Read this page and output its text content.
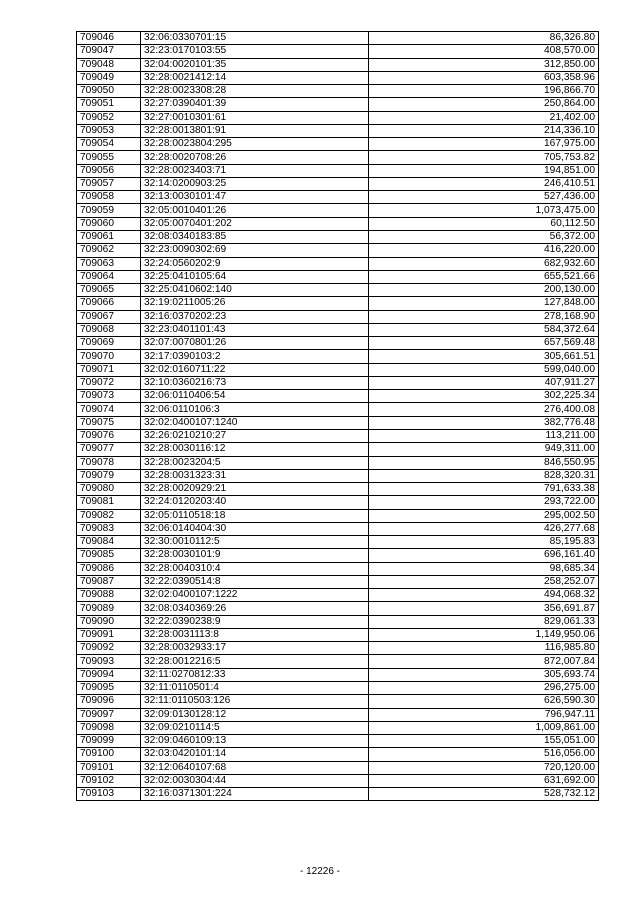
709046	32:06:0330701:15	86,326.80
709047	32:23:0170103:55	408,570.00
709048	32:04:0020101:35	312,850.00
709049	32:28:0021412:14	603,358.96
709050	32:28:0023308:28	196,866.70
709051	32:27:0390401:39	250,864.00
709052	32:27:0010301:61	21,402.00
709053	32:28:0013801:91	214,336.10
709054	32:28:0023804:295	167,975.00
709055	32:28:0020708:26	705,753.82
709056	32:28:0023403:71	194,851.00
709057	32:14:0200903:25	246,410.51
709058	32:13:0030101:47	527,436.00
709059	32:05:0010401:26	1,073,475.00
709060	32:05:0070401:202	60,112.50
709061	32:08:0340183:85	56,372.00
709062	32:23:0090302:69	416,220.00
709063	32:24:0560202:9	682,932.60
709064	32:25:0410105:64	655,521.66
709065	32:25:0410602:140	200,130.00
709066	32:19:0211005:26	127,848.00
709067	32:16:0370202:23	278,168.90
709068	32:23:0401101:43	584,372.64
709069	32:07:0070801:26	657,569.48
709070	32:17:0390103:2	305,661.51
709071	32:02:0160711:22	599,040.00
709072	32:10:0360216:73	407,911.27
709073	32:06:0110406:54	302,225.34
709074	32:06:0110106:3	276,400.08
709075	32:02:0400107:1240	382,776.48
709076	32:26:0210210:27	113,211.00
709077	32:28:0030116:12	949,311.00
709078	32:28:0023204:5	846,550.95
709079	32:28:0031323:31	828,320.31
709080	32:28:0020929:21	791,633.38
709081	32:24:0120203:40	293,722.00
709082	32:05:0110518:18	295,002.50
709083	32:06:0140404:30	426,277.68
709084	32:30:0010112:5	85,195.83
709085	32:28:0030101:9	696,161.40
709086	32:28:0040310:4	98,685.34
709087	32:22:0390514:8	258,252.07
709088	32:02:0400107:1222	494,068.32
709089	32:08:0340369:26	356,691.87
709090	32:22:0390238:9	829,061.33
709091	32:28:0031113:8	1,149,950.06
709092	32:28:0032933:17	116,985.80
709093	32:28:0012216:5	872,007.84
709094	32:11:0270812:33	305,693.74
709095	32:11:0110501:4	296,275.00
709096	32:11:0110503:126	626,590.30
709097	32:09:0130128:12	796,947.11
709098	32:09:0210114:5	1,009,861.00
709099	32:09:0460109:13	155,051.00
709100	32:03:0420101:14	516,056.00
709101	32:12:0640107:68	720,120.00
709102	32:02:0030304:44	631,692.00
709103	32:16:0371301:224	528,732.12
- 12226 -
